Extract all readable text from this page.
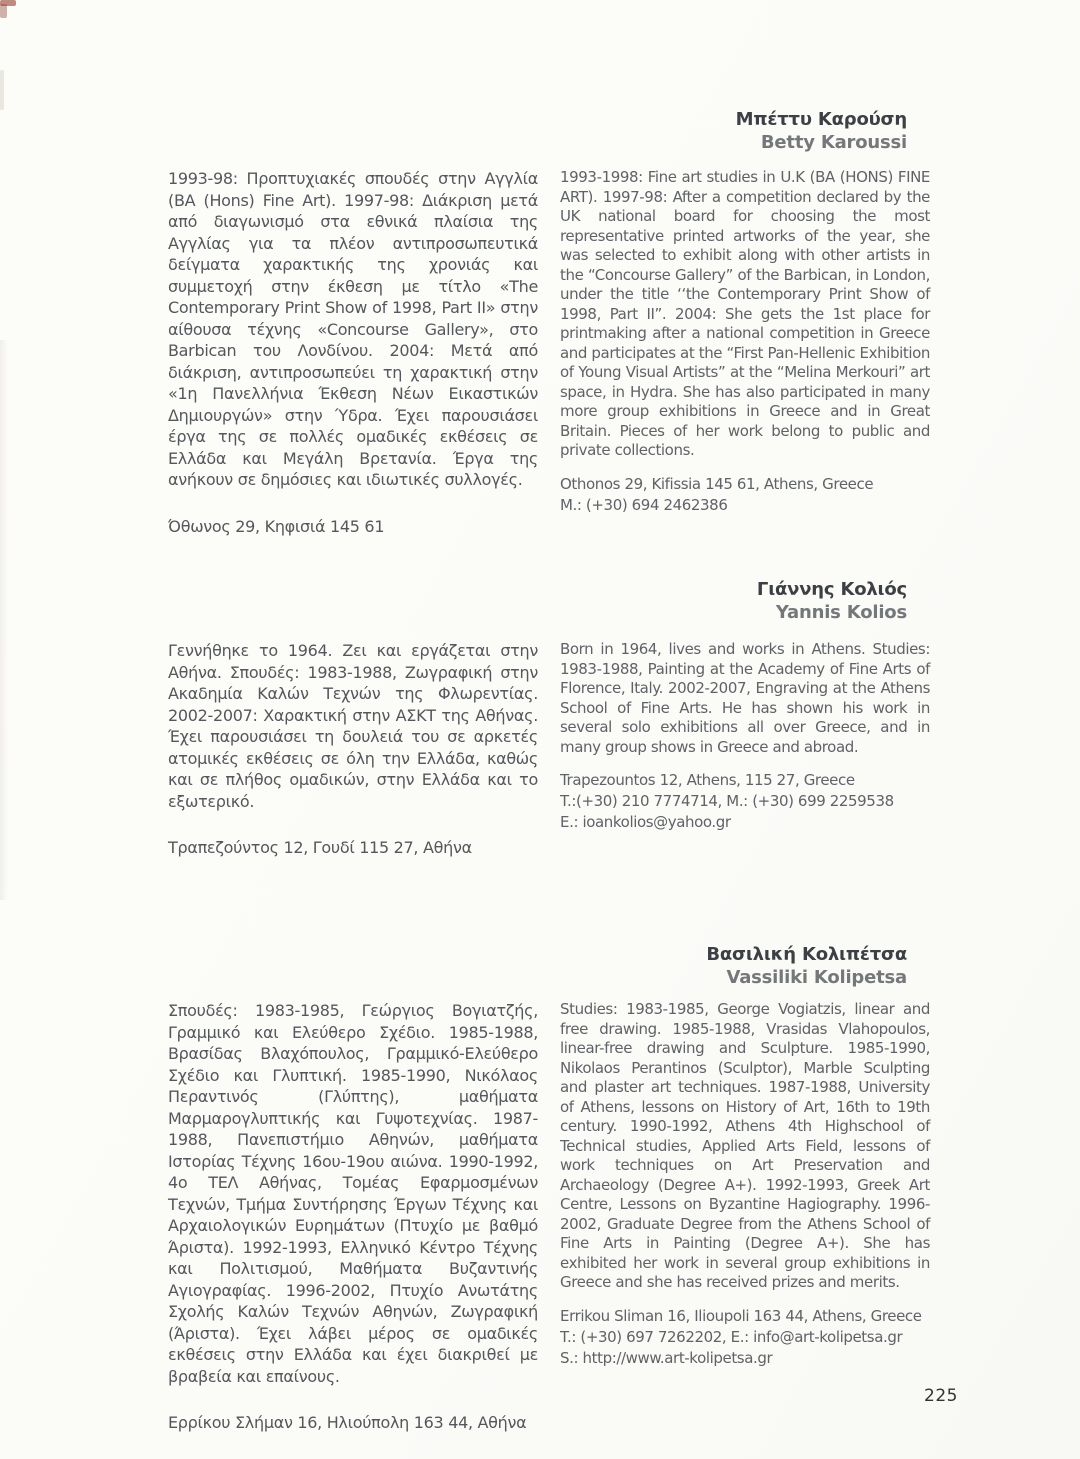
Μπέττυ Καρούση
Betty Karoussi

1993-98: Προπτυχιακές σπουδές στην Αγγλία (ΒΑ (Hons) Fine Art). 1997-98: Διάκριση μετά από διαγωνισμό στα εθνικά πλαίσια της Αγγλίας για τα πλέον αντιπροσωπευτικά δείγματα χαρακτικής της χρονιάς και συμμετοχή στην έκθεση με τίτλο «The Contemporary Print Show of 1998, Part II» στην αίθουσα τέχνης «Concourse Gallery», στο Barbican του Λονδίνου. 2004: Μετά από διάκριση, αντιπροσωπεύει τη χαρακτική στην «1η Πανελλήνια Έκθεση Νέων Εικαστικών Δημιουργών» στην Ύδρα. Έχει παρουσιάσει έργα της σε πολλές ομαδικές εκθέσεις σε Ελλάδα και Μεγάλη Βρετανία. Έργα της ανήκουν σε δημόσιες και ιδιωτικές συλλογές.

Όθωνος 29, Κηφισιά 145 61

1993-1998: Fine art studies in U.K (BA (HONS) FINE ART). 1997-98: After a competition declared by the UK national board for choosing the most representative printed artworks of the year, she was selected to exhibit along with other artists in the “Concourse Gallery” of the Barbican, in London, under the title ‘‘the Contemporary Print Show of 1998, Part II”. 2004: She gets the 1st place for printmaking after a national competition in Greece and participates at the “First Pan-Hellenic Exhibition of Young Visual Artists” at the “Melina Merkouri” art space, in Hydra. She has also participated in many more group exhibitions in Greece and in Great Britain. Pieces of her work belong to public and private collections.

Othonos 29, Kifissia 145 61, Athens, Greece

M.: (+30) 694 2462386

Γιάννης Κολιός
Yannis Kolios

Γεννήθηκε το 1964. Ζει και εργάζεται στην Αθήνα. Σπουδές: 1983-1988, Ζωγραφική στην Ακαδημία Καλών Τεχνών της Φλωρεντίας. 2002-2007: Χαρακτική στην ΑΣΚΤ της Αθήνας. Έχει παρουσιάσει τη δουλειά του σε αρκετές ατομικές εκθέσεις σε όλη την Ελλάδα, καθώς και σε πλήθος ομαδικών, στην Ελλάδα και το εξωτερικό.

Τραπεζούντος 12, Γουδί 115 27, Αθήνα

Born in 1964, lives and works in Athens. Studies: 1983-1988, Painting at the Academy of Fine Arts of Florence, Italy. 2002-2007, Engraving at the Athens School of Fine Arts. He has shown his work in several solo exhibitions all over Greece, and in many group shows in Greece and abroad.

Trapezountos 12, Athens, 115 27, Greece

T.:(+30) 210 7774714, M.: (+30) 699 2259538

E.: ioankolios@yahoo.gr

Βασιλική Κολιπέτσα
Vassiliki Kolipetsa

Σπουδές: 1983-1985, Γεώργιος Βογιατζής, Γραμμικό και Ελεύθερο Σχέδιο. 1985-1988, Βρασίδας Βλαχόπουλος, Γραμμικό-Ελεύθερο Σχέδιο και Γλυπτική. 1985-1990, Νικόλαος Περαντινός (Γλύπτης), μαθήματα Μαρμαρογλυπτικής και Γυψοτεχνίας. 1987-1988, Πανεπιστήμιο Αθηνών, μαθήματα Ιστορίας Τέχνης 16ου-19ου αιώνα. 1990-1992, 4ο ΤΕΛ Αθήνας, Τομέας Εφαρμοσμένων Τεχνών, Τμήμα Συντήρησης Έργων Τέχνης και Αρχαιολογικών Ευρημάτων (Πτυχίο με βαθμό Άριστα). 1992-1993, Ελληνικό Κέντρο Τέχνης και Πολιτισμού, Μαθήματα Βυζαντινής Αγιογραφίας. 1996-2002, Πτυχίο Ανωτάτης Σχολής Καλών Τεχνών Αθηνών, Ζωγραφική (Άριστα). Έχει λάβει μέρος σε ομαδικές εκθέσεις στην Ελλάδα και έχει διακριθεί με βραβεία και επαίνους.

Ερρίκου Σλήμαν 16, Ηλιούπολη 163 44, Αθήνα

Studies: 1983-1985, George Vogiatzis, linear and free drawing. 1985-1988, Vrasidas Vlahopoulos, linear-free drawing and Sculpture. 1985-1990, Nikolaos Perantinos (Sculptor), Marble Sculpting and plaster art techniques. 1987-1988, University of Athens, lessons on History of Art, 16th to 19th century. 1990-1992, Athens 4th Highschool of Technical studies, Applied Arts Field, lessons of work techniques on Art Preservation and Archaeology (Degree A+). 1992-1993, Greek Art Centre, Lessons on Byzantine Hagiography. 1996-2002, Graduate Degree from the Athens School of Fine Arts in Painting (Degree A+). She has exhibited her work in several group exhibitions in Greece and she has received prizes and merits.

Errikou Sliman 16, Ilioupoli 163 44, Athens, Greece

T.: (+30) 697 7262202, E.: info@art-kolipetsa.gr

S.: http://www.art-kolipetsa.gr

225
